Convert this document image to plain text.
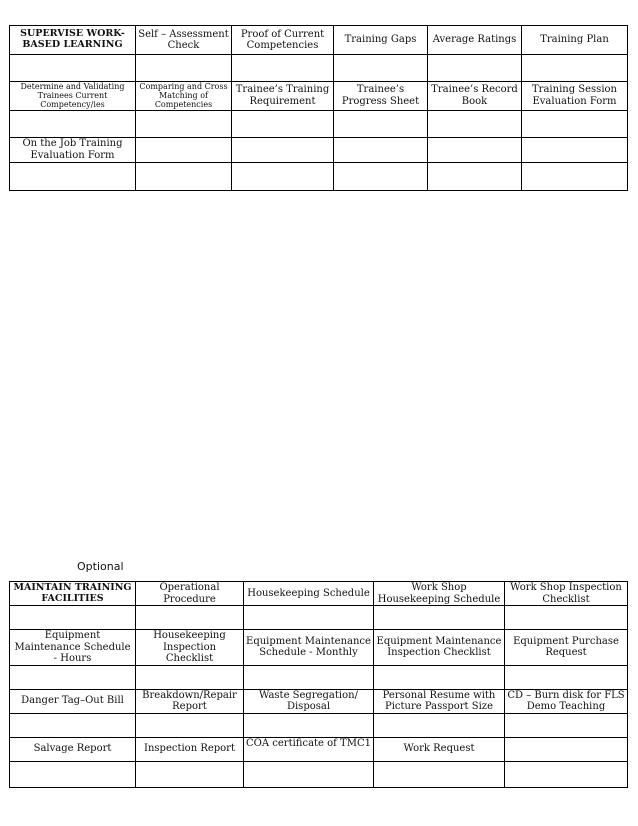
SUPERVISE WORK-BASED LEARNING	Self – Assessment Check	Proof of Current Competencies	Training Gaps	Average Ratings	Training Plan

Determine and Validating Trainees Current Competency/ies	Comparing and Cross Matching of Competencies	Trainee’s Training Requirement	Trainee’s Progress Sheet	Trainee’s Record Book	Training Session Evaluation Form

On the Job Training Evaluation Form					

Optional
MAINTAIN TRAINING FACILITIES	Operational Procedure	Housekeeping Schedule	Work Shop Housekeeping Schedule	Work Shop Inspection Checklist

Equipment Maintenance Schedule - Hours	Housekeeping Inspection Checklist	Equipment Maintenance Schedule - Monthly	Equipment Maintenance Inspection Checklist	Equipment Purchase Request

Danger Tag–Out Bill	Breakdown/Repair Report	Waste Segregation/ Disposal	Personal Resume with Picture Passport Size	CD – Burn disk for FLS Demo Teaching

Salvage Report	Inspection Report	COA certificate of TMC1	Work Request	
